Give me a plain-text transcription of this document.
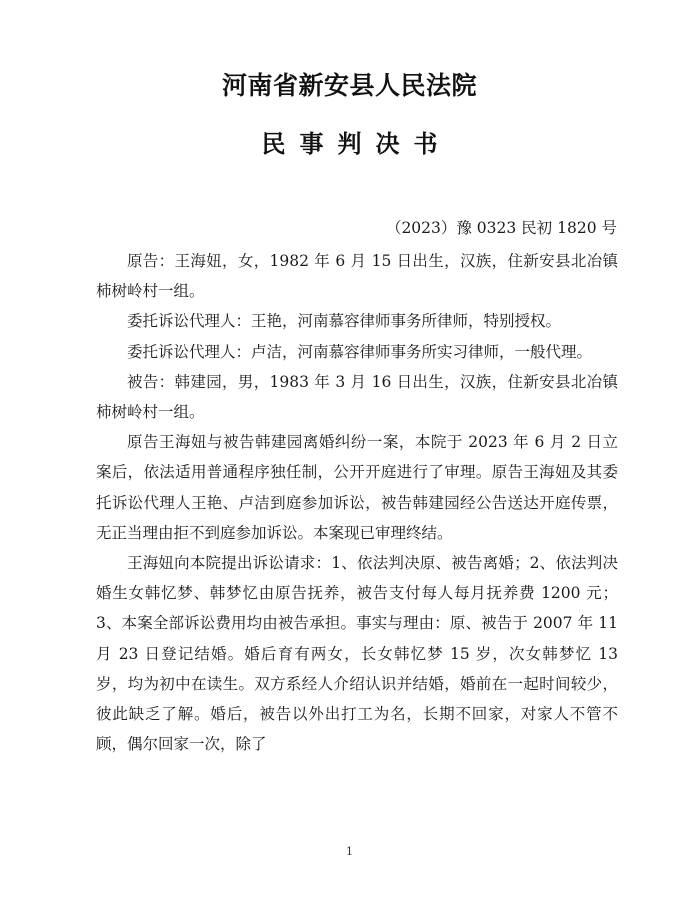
河南省新安县人民法院
民事判决书
（2023）豫 0323 民初 1820 号

原告：王海妞，女，1982 年 6 月 15 日出生，汉族，住新安县北冶镇柿树岭村一组。

委托诉讼代理人：王艳，河南慕容律师事务所律师，特别授权。

委托诉讼代理人：卢洁，河南慕容律师事务所实习律师，一般代理。

被告：韩建园，男，1983 年 3 月 16 日出生，汉族，住新安县北冶镇柿树岭村一组。

原告王海妞与被告韩建园离婚纠纷一案，本院于 2023 年 6 月 2 日立案后，依法适用普通程序独任制，公开开庭进行了审理。原告王海妞及其委托诉讼代理人王艳、卢洁到庭参加诉讼，被告韩建园经公告送达开庭传票，无正当理由拒不到庭参加诉讼。本案现已审理终结。

王海妞向本院提出诉讼请求：1、依法判决原、被告离婚；2、依法判决婚生女韩忆梦、韩梦忆由原告抚养，被告支付每人每月抚养费 1200 元；3、本案全部诉讼费用均由被告承担。事实与理由：原、被告于 2007 年 11 月 23 日登记结婚。婚后育有两女，长女韩忆梦 15 岁，次女韩梦忆 13 岁，均为初中在读生。双方系经人介绍认识并结婚，婚前在一起时间较少，彼此缺乏了解。婚后，被告以外出打工为名，长期不回家，对家人不管不顾，偶尔回家一次，除了

1
